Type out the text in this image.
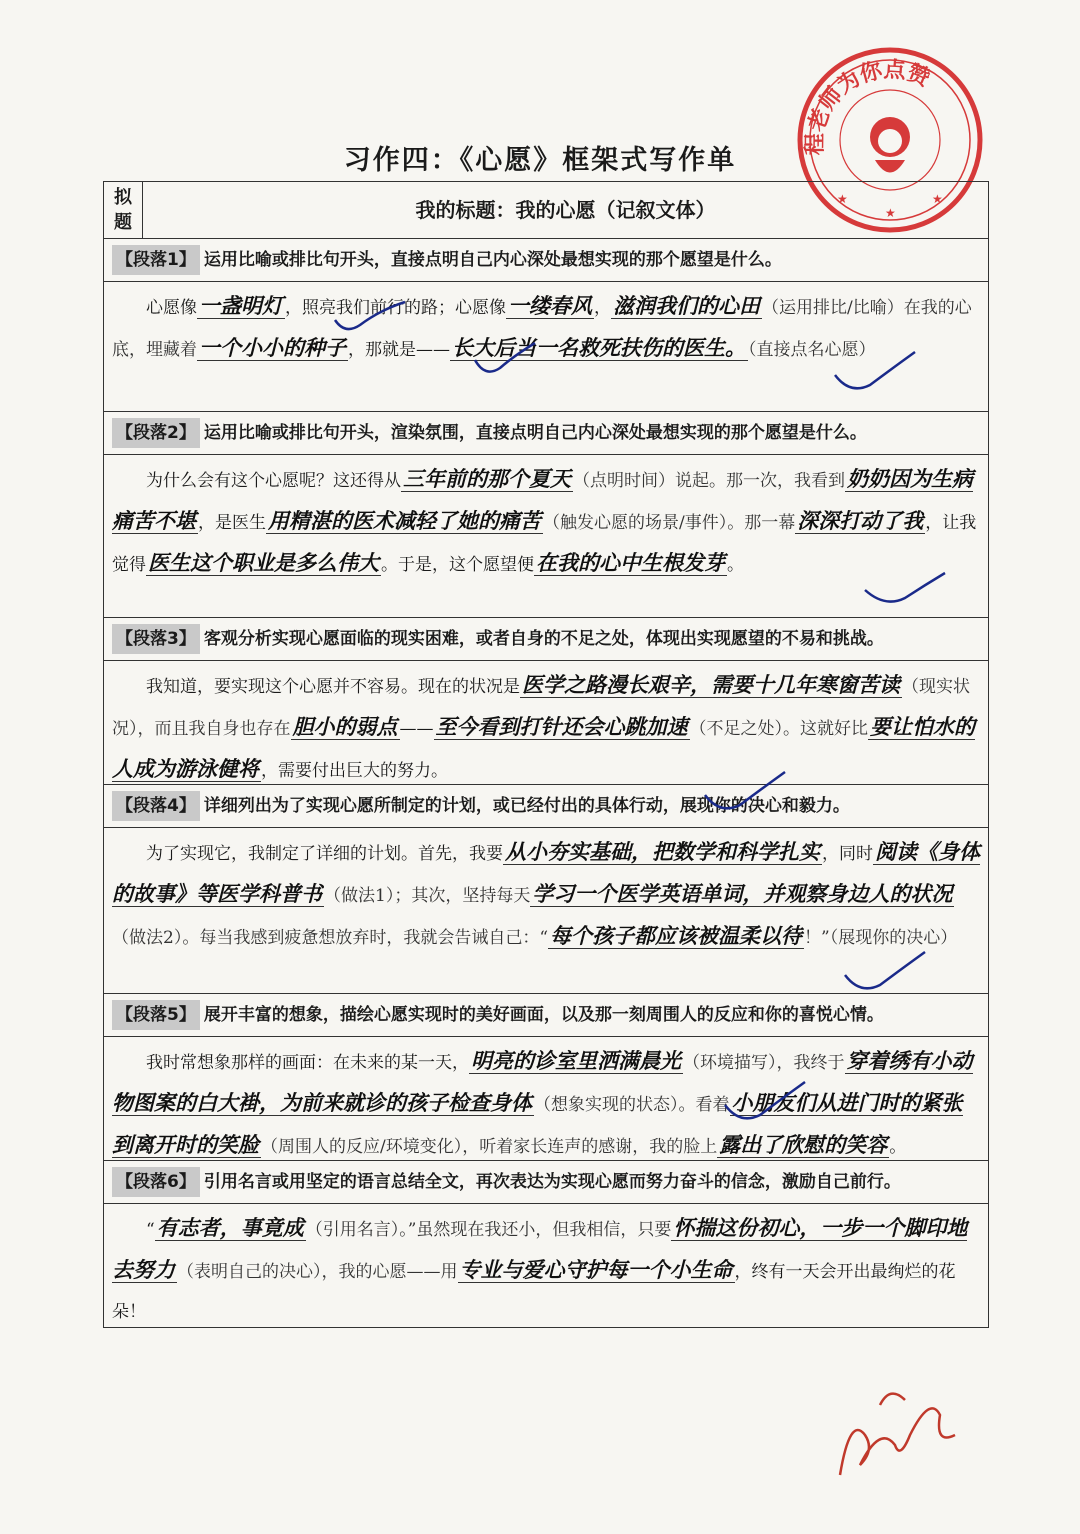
程老师为你点赞
★	★
★
习作四：《心愿》框架式写作单
拟
题
我的标题：我的心愿（记叙文体）
【段落1】 运用比喻或排比句开头，直接点明自己内心深处最想实现的那个愿望是什么。

心愿像一盏明灯 ，照亮我们前行的路；心愿像一缕春风 ，滋润我们的心田 （运用排比/比喻）在我的心底，埋藏着一个小小的种子 ，那就是——长大后当一名救死扶伤的医生。 （直接点名心愿）

【段落2】 运用比喻或排比句开头，渲染氛围，直接点明自己内心深处最想实现的那个愿望是什么。

为什么会有这个心愿呢？这还得从三年前的那个夏天 （点明时间）说起。那一次，我看到奶奶因为生病痛苦不堪 ，是医生用精湛的医术减轻了她的痛苦 （触发心愿的场景/事件）。那一幕深深打动了我 ，让我觉得医生这个职业是多么伟大 。于是，这个愿望便在我的心中生根发芽 。

【段落3】 客观分析实现心愿面临的现实困难，或者自身的不足之处，体现出实现愿望的不易和挑战。

我知道，要实现这个心愿并不容易。现在的状况是医学之路漫长艰辛，需要十几年寒窗苦读 （现实状况），而且我自身也存在胆小的弱点 ——至今看到打针还会心跳加速 （不足之处）。这就好比要让怕水的人成为游泳健将 ，需要付出巨大的努力。

【段落4】 详细列出为了实现心愿所制定的计划，或已经付出的具体行动，展现你的决心和毅力。

为了实现它，我制定了详细的计划。首先，我要从小夯实基础，把数学和科学扎实 ，同时阅读《身体的故事》等医学科普书 （做法1）；其次，坚持每天学习一个医学英语单词，并观察身边人的状况（做法2）。每当我感到疲惫想放弃时，我就会告诫自己：“每个孩子都应该被温柔以待 ！”（展现你的决心）

【段落5】 展开丰富的想象，描绘心愿实现时的美好画面，以及那一刻周围人的反应和你的喜悦心情。

我时常想象那样的画面：在未来的某一天，明亮的诊室里洒满晨光 （环境描写），我终于穿着绣有小动物图案的白大褂，为前来就诊的孩子检查身体 （想象实现的状态）。看着小朋友们从进门时的紧张到离开时的笑脸 （周围人的反应/环境变化），听着家长连声的感谢，我的脸上露出了欣慰的笑容 。

【段落6】 引用名言或用坚定的语言总结全文，再次表达为实现心愿而努力奋斗的信念，激励自己前行。

“有志者，事竟成 （引用名言）。”虽然现在我还小，但我相信，只要怀揣这份初心，一步一个脚印地去努力 （表明自己的决心），我的心愿——用专业与爱心守护每一个小生命 ，终有一天会开出最绚烂的花朵！
